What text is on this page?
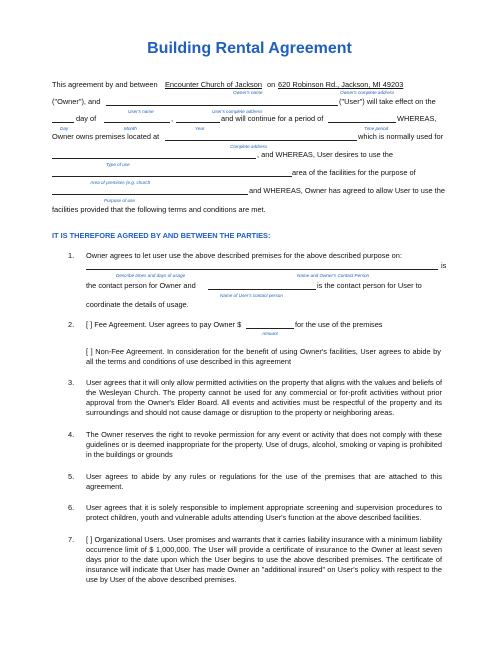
Building Rental Agreement
This agreement by and between Encounter Church of Jackson on 620 Robinson Rd., Jackson, MI 49203
Owner's name	Owner's complete address
("Owner"), and	("User") will take effect on the
User's name	User's complete address
day of	,	and will continue for a period of	WHEREAS,
Day	Month	Year	Time period
Owner owns premises located at	which is normally used for
Complete address
, and WHEREAS, User desires to use the
Type of use
area of the facilities for the purpose of
Area of premises (e.g. church
and WHEREAS, Owner has agreed to allow User to use the
Purpose of use
facilities provided that the following terms and conditions are met.
IT IS THEREFORE AGREED BY AND BETWEEN THE PARTIES:
1. Owner agrees to let user use the above described premises for the above described purpose on:
is
Describe times and days of usage	Name and Owner's Contact Person
the contact person for Owner and	is the contact person for User to
Name of User's contact person
coordinate the details of usage.
2. [ ] Fee Agreement. User agrees to pay Owner $	for the use of the premises
Amount
[ ] Non-Fee Agreement. In consideration for the benefit of using Owner's facilities, User agrees to abide by all the terms and conditions of use described in this agreement
3. User agrees that it will only allow permitted activities on the property that aligns with the values and beliefs of the Wesleyan Church. The property cannot be used for any commercial or for-profit activities without prior approval from the Owner's Elder Board. All events and activities must be respectful of the property and its surroundings and should not cause damage or disruption to the property or neighboring areas.
4. The Owner reserves the right to revoke permission for any event or activity that does not comply with these guidelines or is deemed inappropriate for the property. Use of drugs, alcohol, smoking or vaping is prohibited in the buildings or grounds
5. User agrees to abide by any rules or regulations for the use of the premises that are attached to this agreement.
6. User agrees that it is solely responsible to implement appropriate screening and supervision procedures to protect children, youth and vulnerable adults attending User's function at the above described facilities.
7. [ ] Organizational Users. User promises and warrants that it carries liability insurance with a minimum liability occurrence limit of $ 1,000,000. The User will provide a certificate of insurance to the Owner at least seven days prior to the date upon which the User begins to use the above described premises. The certificate of insurance will indicate that User has made Owner an "additional insured" on User's policy with respect to the use by User of the above described premises.
